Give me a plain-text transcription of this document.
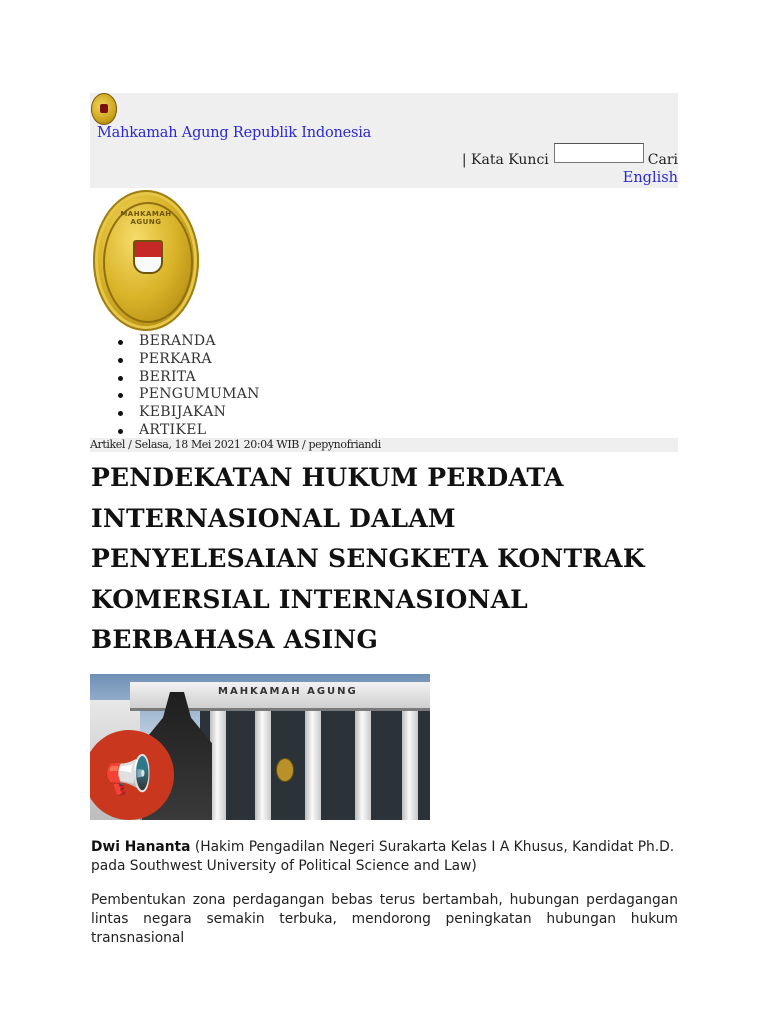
Mahkamah Agung Republik Indonesia
| Kata Kunci	Cari
English
MAHKAMAH AGUNG
BERANDA
PERKARA
BERITA
PENGUMUMAN
KEBIJAKAN
ARTIKEL
Artikel / Selasa, 18 Mei 2021 20:04 WIB / pepynofriandi
PENDEKATAN HUKUM PERDATA INTERNASIONAL DALAM PENYELESAIAN SENGKETA KONTRAK KOMERSIAL INTERNASIONAL BERBAHASA ASING
MAHKAMAH AGUNG
📢

Dwi Hananta (Hakim Pengadilan Negeri Surakarta Kelas I A Khusus, Kandidat Ph.D. pada Southwest University of Political Science and Law)

Pembentukan zona perdagangan bebas terus bertambah, hubungan perdagangan lintas negara semakin terbuka, mendorong peningkatan hubungan hukum transnasional
